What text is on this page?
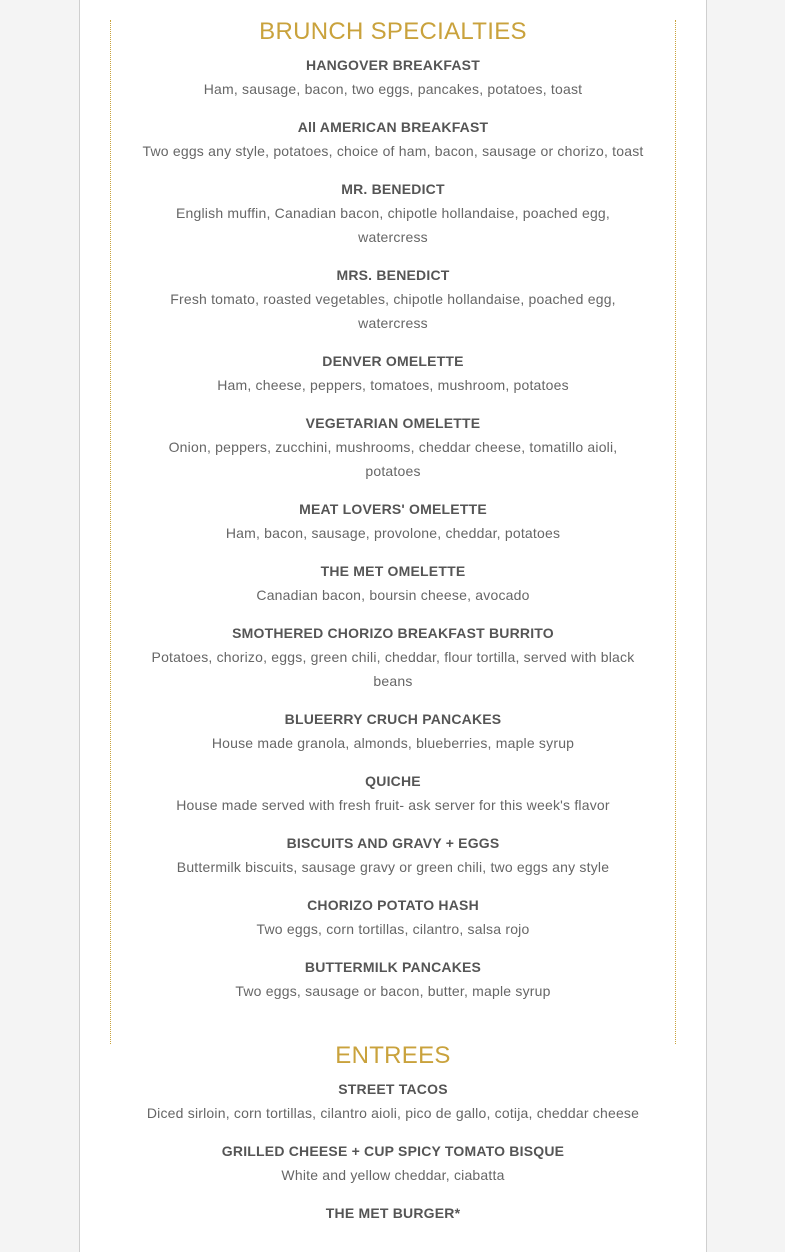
BRUNCH SPECIALTIES
HANGOVER BREAKFAST
Ham, sausage, bacon, two eggs, pancakes, potatoes, toast
All AMERICAN BREAKFAST
Two eggs any style, potatoes, choice of ham, bacon, sausage or chorizo, toast
MR. BENEDICT
English muffin, Canadian bacon, chipotle hollandaise, poached egg, watercress
MRS. BENEDICT
Fresh tomato, roasted vegetables, chipotle hollandaise, poached egg, watercress
DENVER OMELETTE
Ham, cheese, peppers, tomatoes, mushroom, potatoes
VEGETARIAN OMELETTE
Onion, peppers, zucchini, mushrooms, cheddar cheese, tomatillo aioli, potatoes
MEAT LOVERS' OMELETTE
Ham, bacon, sausage, provolone, cheddar, potatoes
THE MET OMELETTE
Canadian bacon, boursin cheese, avocado
SMOTHERED CHORIZO BREAKFAST BURRITO
Potatoes, chorizo, eggs, green chili, cheddar, flour tortilla, served with black beans
BLUEERRY CRUCH PANCAKES
House made granola, almonds, blueberries, maple syrup
QUICHE
House made served with fresh fruit- ask server for this week's flavor
BISCUITS AND GRAVY + EGGS
Buttermilk biscuits, sausage gravy or green chili, two eggs any style
CHORIZO POTATO HASH
Two eggs, corn tortillas, cilantro, salsa rojo
BUTTERMILK PANCAKES
Two eggs, sausage or bacon, butter, maple syrup
ENTREES
STREET TACOS
Diced sirloin, corn tortillas, cilantro aioli, pico de gallo, cotija, cheddar cheese
GRILLED CHEESE + CUP SPICY TOMATO BISQUE
White and yellow cheddar, ciabatta
THE MET BURGER*
